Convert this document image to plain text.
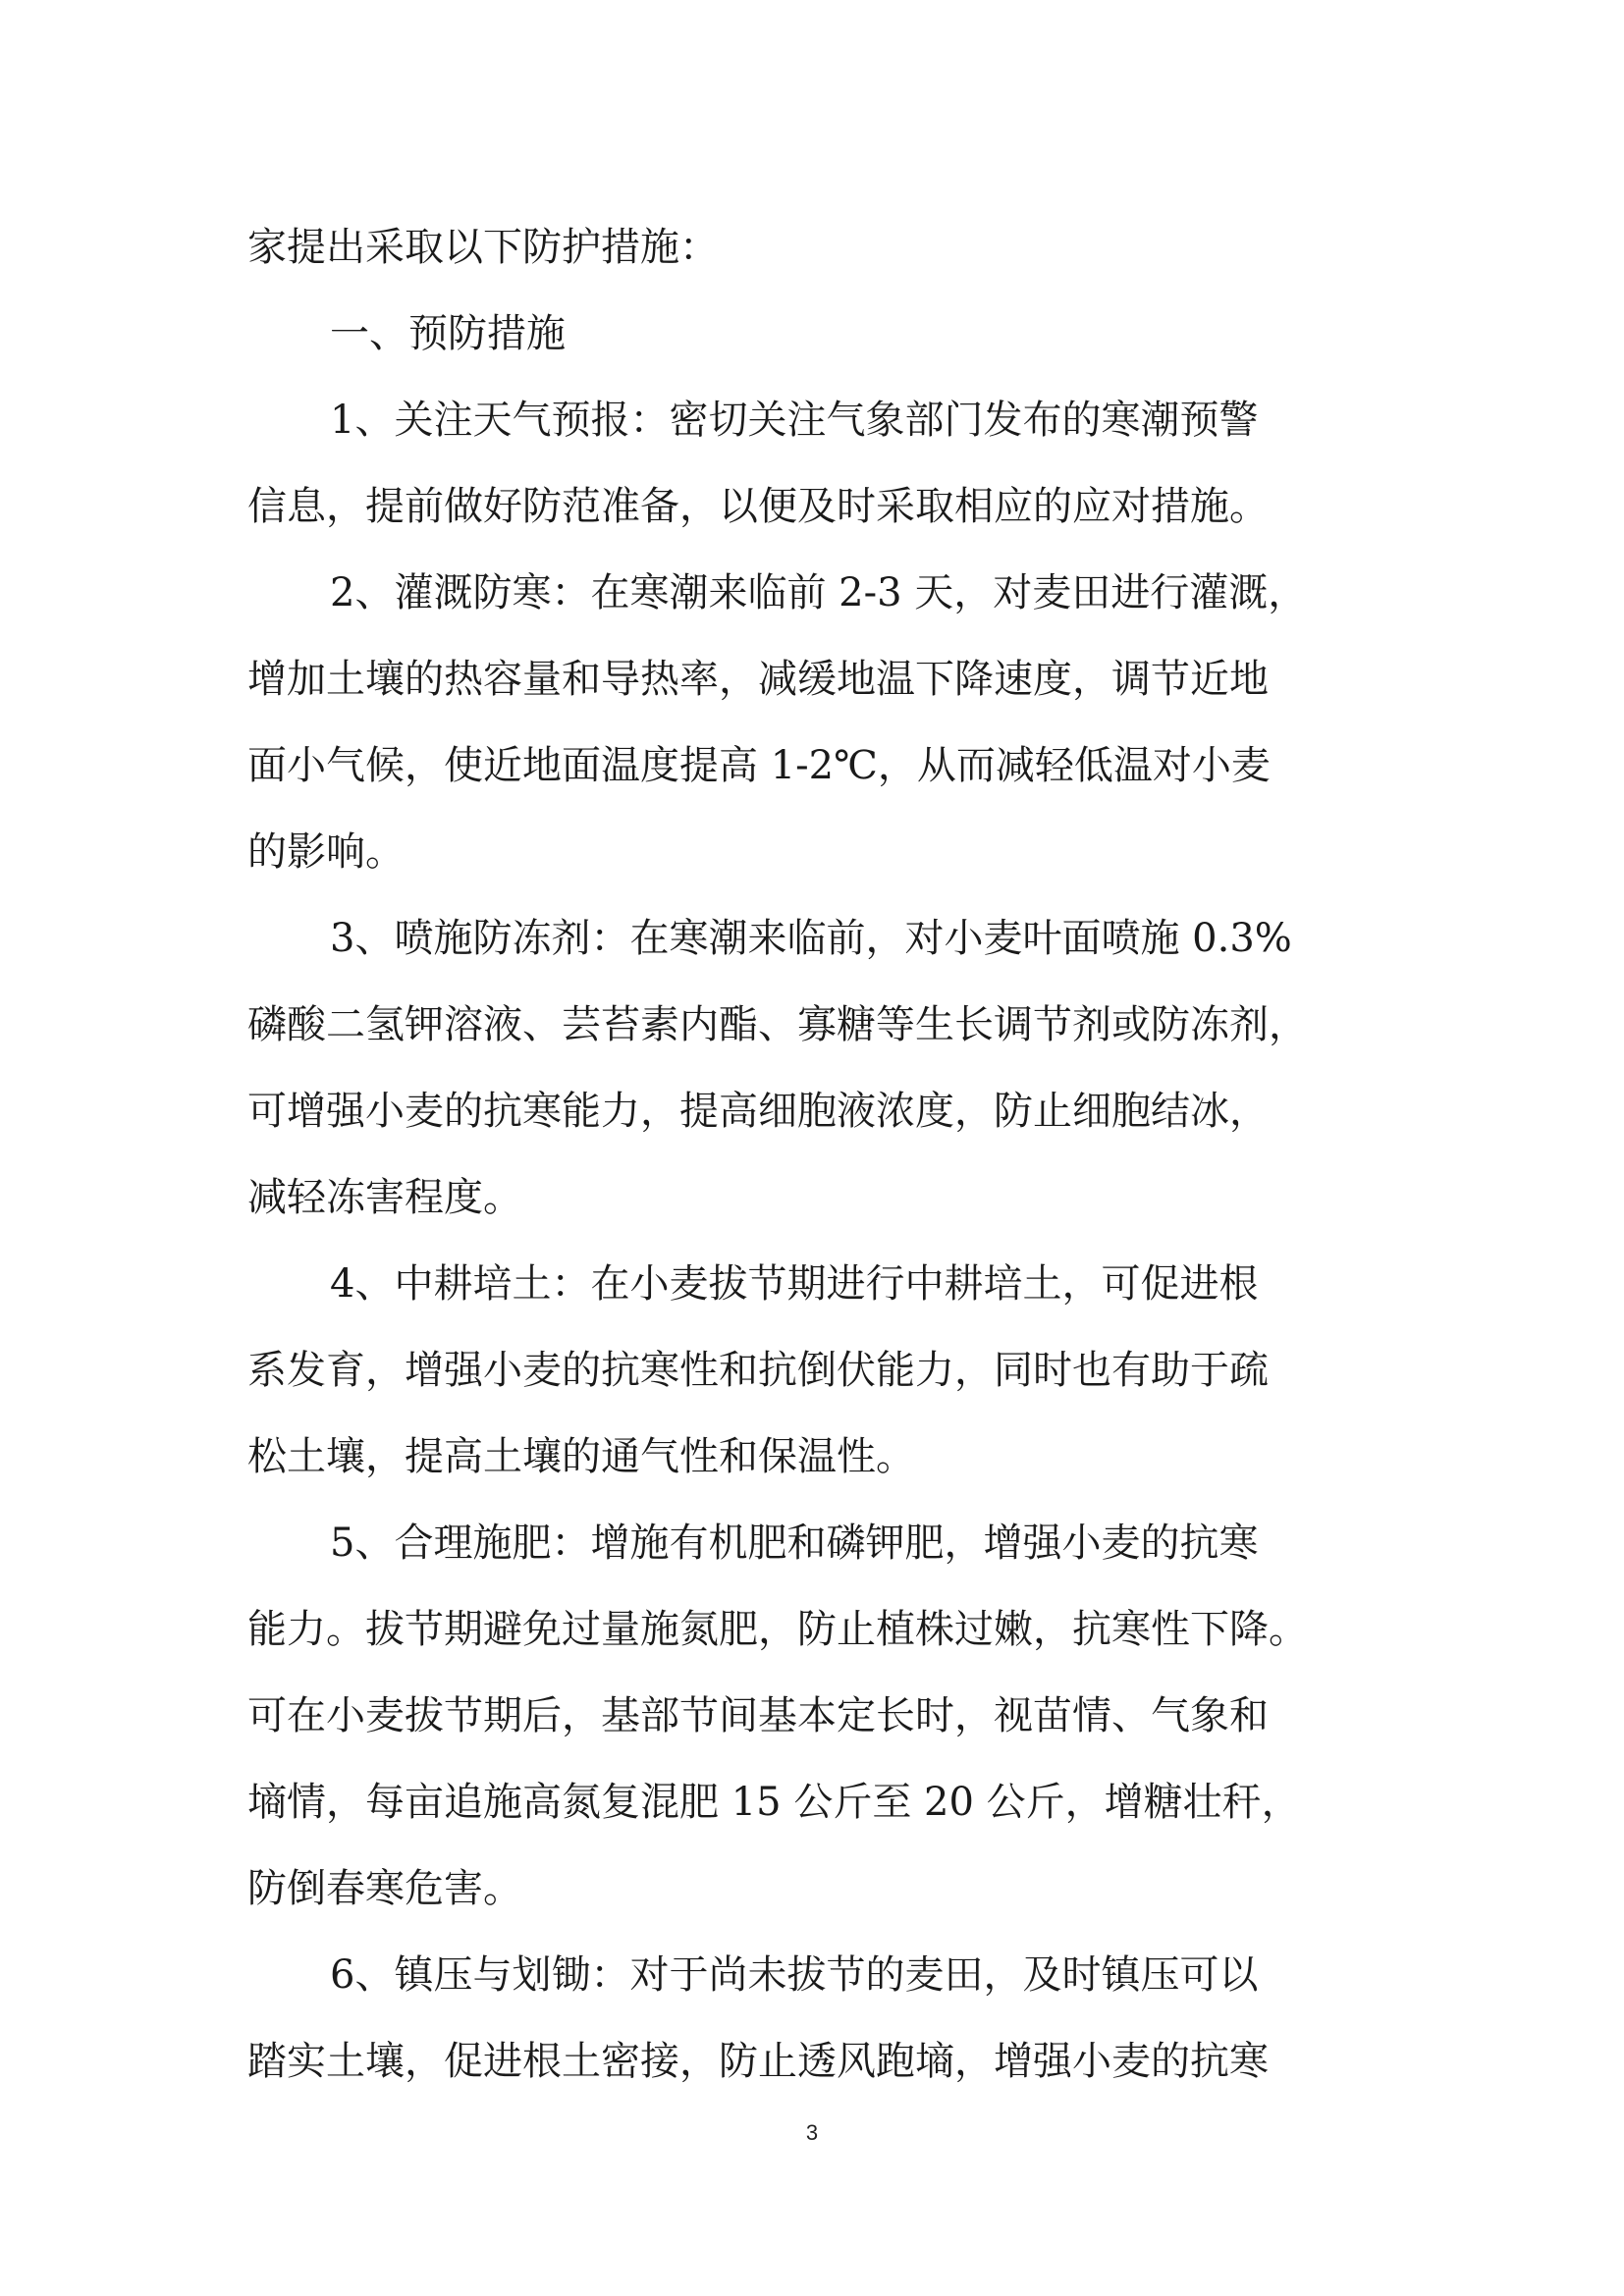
家提出采取以下防护措施：
一、预防措施
1、关注天气预报：密切关注气象部门发布的寒潮预警
信息，提前做好防范准备，以便及时采取相应的应对措施。
2、灌溉防寒：在寒潮来临前 2-3 天，对麦田进行灌溉，
增加土壤的热容量和导热率，减缓地温下降速度，调节近地
面小气候，使近地面温度提高 1-2℃，从而减轻低温对小麦
的影响。
3、喷施防冻剂：在寒潮来临前，对小麦叶面喷施 0.3%
磷酸二氢钾溶液、芸苔素内酯、寡糖等生长调节剂或防冻剂，
可增强小麦的抗寒能力，提高细胞液浓度，防止细胞结冰，
减轻冻害程度。
4、中耕培土：在小麦拔节期进行中耕培土，可促进根
系发育，增强小麦的抗寒性和抗倒伏能力，同时也有助于疏
松土壤，提高土壤的通气性和保温性。
5、合理施肥：增施有机肥和磷钾肥，增强小麦的抗寒
能力。拔节期避免过量施氮肥，防止植株过嫩，抗寒性下降。
可在小麦拔节期后，基部节间基本定长时，视苗情、气象和
墒情，每亩追施高氮复混肥 15 公斤至 20 公斤，增糖壮秆，
防倒春寒危害。
6、镇压与划锄：对于尚未拔节的麦田，及时镇压可以
踏实土壤，促进根土密接，防止透风跑墒，增强小麦的抗寒
3
